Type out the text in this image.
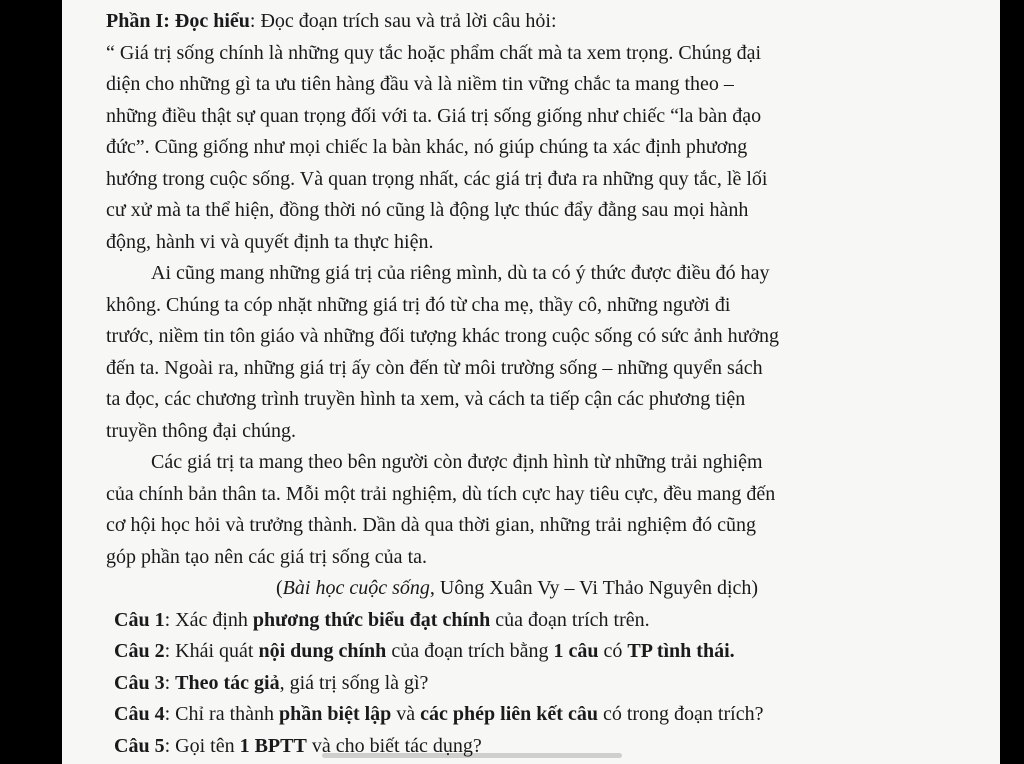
Phần I: Đọc hiểu: Đọc đoạn trích sau và trả lời câu hỏi:
“ Giá trị sống chính là những quy tắc hoặc phẩm chất mà ta xem trọng. Chúng đại
diện cho những gì ta ưu tiên hàng đầu và là niềm tin vững chắc ta mang theo –
những điều thật sự quan trọng đối với ta. Giá trị sống giống như chiếc “la bàn đạo
đức”. Cũng giống như mọi chiếc la bàn khác, nó giúp chúng ta xác định phương
hướng trong cuộc sống. Và quan trọng nhất, các giá trị đưa ra những quy tắc, lề lối
cư xử mà ta thể hiện, đồng thời nó cũng là động lực thúc đẩy đằng sau mọi hành
động, hành vi và quyết định ta thực hiện.
Ai cũng mang những giá trị của riêng mình, dù ta có ý thức được điều đó hay
không. Chúng ta cóp nhặt những giá trị đó từ cha mẹ, thầy cô, những người đi
trước, niềm tin tôn giáo và những đối tượng khác trong cuộc sống có sức ảnh hưởng
đến ta. Ngoài ra, những giá trị ấy còn đến từ môi trường sống – những quyển sách
ta đọc, các chương trình truyền hình ta xem, và cách ta tiếp cận các phương tiện
truyền thông đại chúng.
Các giá trị ta mang theo bên người còn được định hình từ những trải nghiệm
của chính bản thân ta. Mỗi một trải nghiệm, dù tích cực hay tiêu cực, đều mang đến
cơ hội học hỏi và trưởng thành. Dần dà qua thời gian, những trải nghiệm đó cũng
góp phần tạo nên các giá trị sống của ta.
(Bài học cuộc sống, Uông Xuân Vy – Vi Thảo Nguyên dịch)
Câu 1: Xác định phương thức biểu đạt chính của đoạn trích trên.
Câu 2: Khái quát nội dung chính của đoạn trích bằng 1 câu có TP tình thái.
Câu 3: Theo tác giả, giá trị sống là gì?
Câu 4: Chỉ ra thành phần biệt lập và các phép liên kết câu có trong đoạn trích?
Câu 5: Gọi tên 1 BPTT và cho biết tác dụng?
